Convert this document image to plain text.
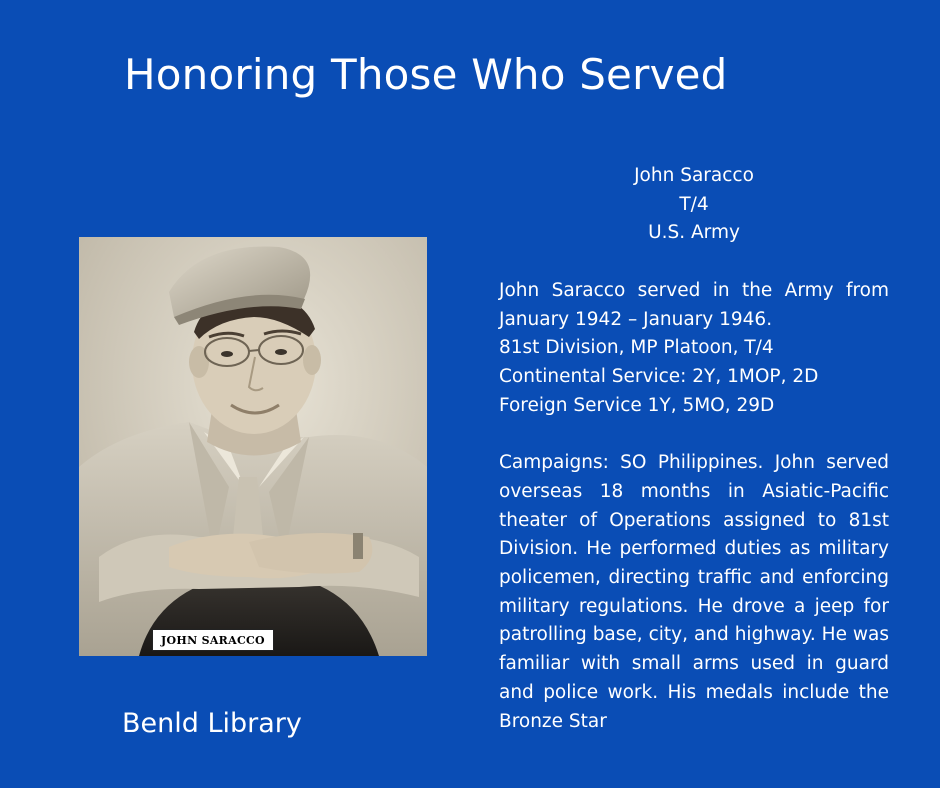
Honoring Those Who Served
JOHN SARACCO
John Saracco
T/4
U.S. Army
John Saracco served in the Army from January 1942 – January 1946.
81st Division, MP Platoon, T/4
Continental Service: 2Y, 1MOP, 2D
Foreign Service 1Y, 5MO, 29D
Campaigns: SO Philippines. John served overseas 18 months in Asiatic-Pacific theater of Operations assigned to 81st Division. He performed duties as military policemen, directing traffic and enforcing military regulations. He drove a jeep for patrolling base, city, and highway. He was familiar with small arms used in guard and police work. His medals include the Bronze Star
Benld Library
